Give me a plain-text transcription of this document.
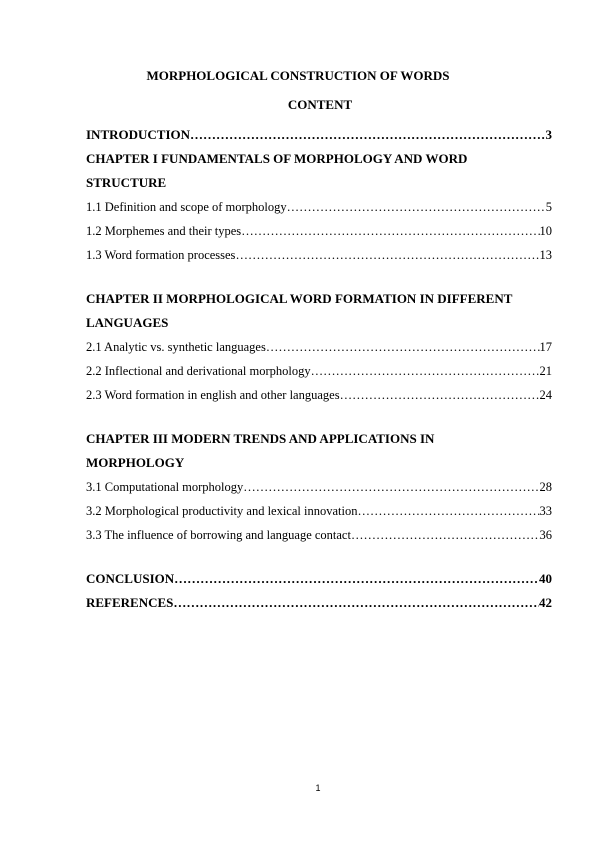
MORPHOLOGICAL CONSTRUCTION OF WORDS
CONTENT
INTRODUCTION ……………………………………………………………………………………………………………………………………………………	3
CHAPTER I FUNDAMENTALS OF MORPHOLOGY AND WORD
STRUCTURE
1.1 Definition and scope of morphology ……………………………………………………………………………………………………………………………………………………	5
1.2 Morphemes and their types ……………………………………………………………………………………………………………………………………………………	10
1.3 Word formation processes ……………………………………………………………………………………………………………………………………………………	13
CHAPTER II MORPHOLOGICAL WORD FORMATION IN DIFFERENT
LANGUAGES
2.1 Analytic vs. synthetic languages ……………………………………………………………………………………………………………………………………………………	17
2.2 Inflectional and derivational morphology ……………………………………………………………………………………………………………………………………………………	21
2.3 Word formation in english and other languages ……………………………………………………………………………………………………………………………………………………	24
CHAPTER III MODERN TRENDS AND APPLICATIONS IN
MORPHOLOGY
3.1 Computational morphology ……………………………………………………………………………………………………………………………………………………	28
3.2 Morphological productivity and lexical innovation ……………………………………………………………………………………………………………………………………………………	33
3.3 The influence of borrowing and language contact ……………………………………………………………………………………………………………………………………………………	36
CONCLUSION ……………………………………………………………………………………………………………………………………………………	40
REFERENCES ……………………………………………………………………………………………………………………………………………………	42
1
